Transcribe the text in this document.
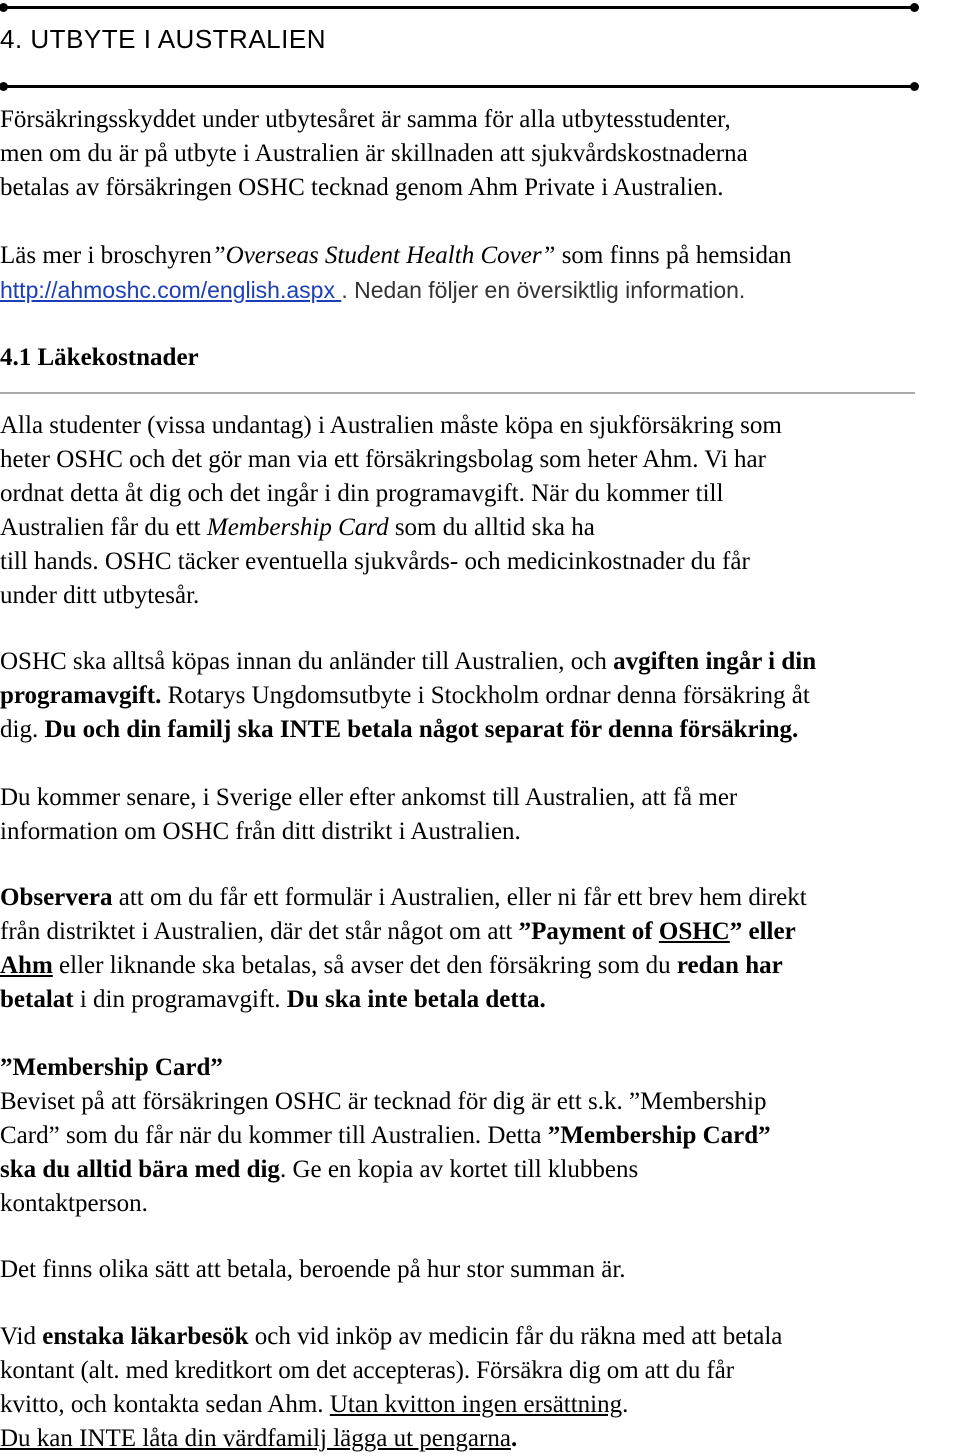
4. UTBYTE I AUSTRALIEN
Försäkringsskyddet under utbytesåret är samma för alla utbytesstudenter,
men om du är på utbyte i Australien är skillnaden att sjukvårdskostnaderna
betalas av försäkringen OSHC tecknad genom Ahm Private i Australien.
Läs mer i broschyren”Overseas Student Health Cover” som finns på hemsidan
http://ahmoshc.com/english.aspx . Nedan följer en översiktlig information.
4.1 Läkekostnader
Alla studenter (vissa undantag) i Australien måste köpa en sjukförsäkring som
heter OSHC och det gör man via ett försäkringsbolag som heter Ahm. Vi har
ordnat detta åt dig och det ingår i din programavgift. När du kommer till
Australien får du ett Membership Card som du alltid ska ha
till hands. OSHC täcker eventuella sjukvårds- och medicinkostnader du får
under ditt utbytesår.
OSHC ska alltså köpas innan du anländer till Australien, och avgiften ingår i din
programavgift. Rotarys Ungdomsutbyte i Stockholm ordnar denna försäkring åt
dig. Du och din familj ska INTE betala något separat för denna försäkring.
Du kommer senare, i Sverige eller efter ankomst till Australien, att få mer
information om OSHC från ditt distrikt i Australien.
Observera att om du får ett formulär i Australien, eller ni får ett brev hem direkt
från distriktet i Australien, där det står något om att ”Payment of OSHC” eller
Ahm eller liknande ska betalas, så avser det den försäkring som du redan har
betalat i din programavgift. Du ska inte betala detta.
”Membership Card”
Beviset på att försäkringen OSHC är tecknad för dig är ett s.k. ”Membership
Card” som du får när du kommer till Australien. Detta ”Membership Card”
ska du alltid bära med dig. Ge en kopia av kortet till klubbens
kontaktperson.
Det finns olika sätt att betala, beroende på hur stor summan är.
Vid enstaka läkarbesök och vid inköp av medicin får du räkna med att betala
kontant (alt. med kreditkort om det accepteras). Försäkra dig om att du får
kvitto, och kontakta sedan Ahm. Utan kvitton ingen ersättning.
Du kan INTE låta din värdfamilj lägga ut pengarna.
